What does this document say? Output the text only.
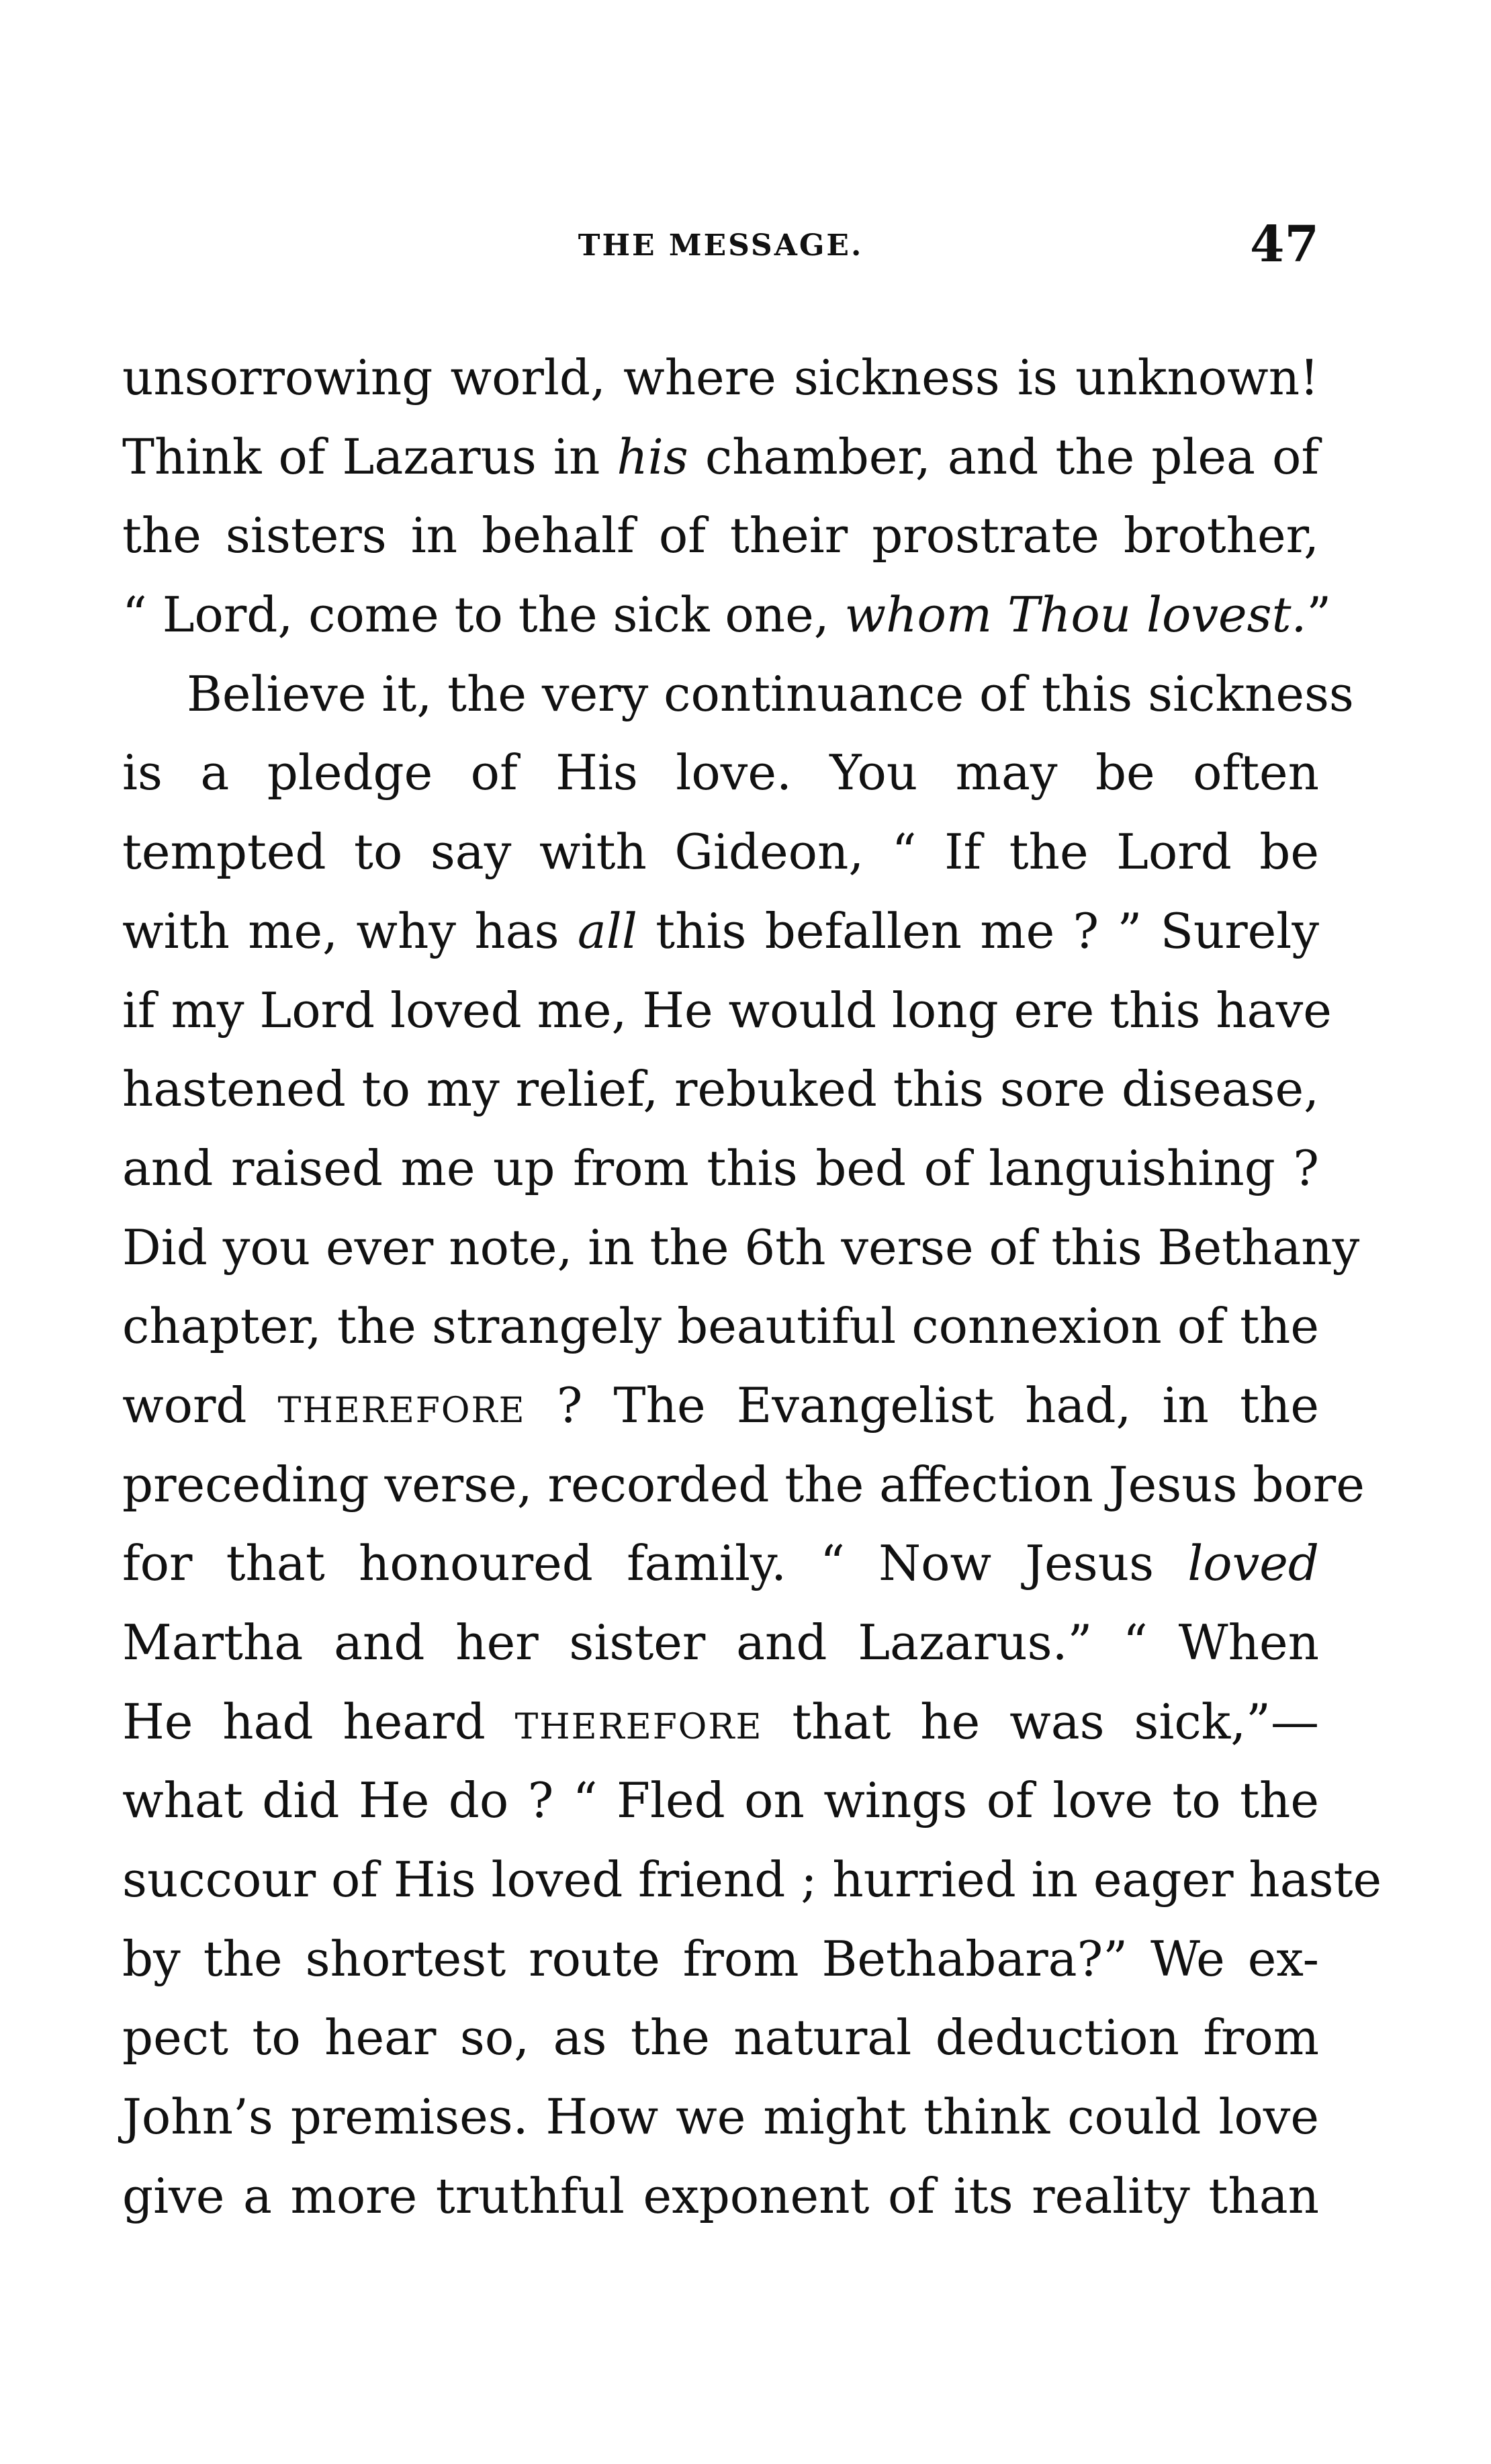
THE MESSAGE.	47
unsorrowing world, where sickness is unknown!
Think of Lazarus in his chamber, and the plea of
the sisters in behalf of their prostrate brother,
“ Lord, come to the sick one, whom Thou lovest.”
Believe it, the very continuance of this sickness
is a pledge of His love. You may be often
tempted to say with Gideon, “ If the Lord be
with me, why has all this befallen me ? ” Surely
if my Lord loved me, He would long ere this have
hastened to my relief, rebuked this sore disease,
and raised me up from this bed of languishing ?
Did you ever note, in the 6th verse of this Bethany
chapter, the strangely beautiful connexion of the
word THEREFORE ? The Evangelist had, in the
preceding verse, recorded the affection Jesus bore
for that honoured family. “ Now Jesus loved
Martha and her sister and Lazarus.” “ When
He had heard THEREFORE that he was sick,”—
what did He do ? “ Fled on wings of love to the
succour of His loved friend ; hurried in eager haste
by the shortest route from Bethabara?” We ex-
pect to hear so, as the natural deduction from
John’s premises. How we might think could love
give a more truthful exponent of its reality than
